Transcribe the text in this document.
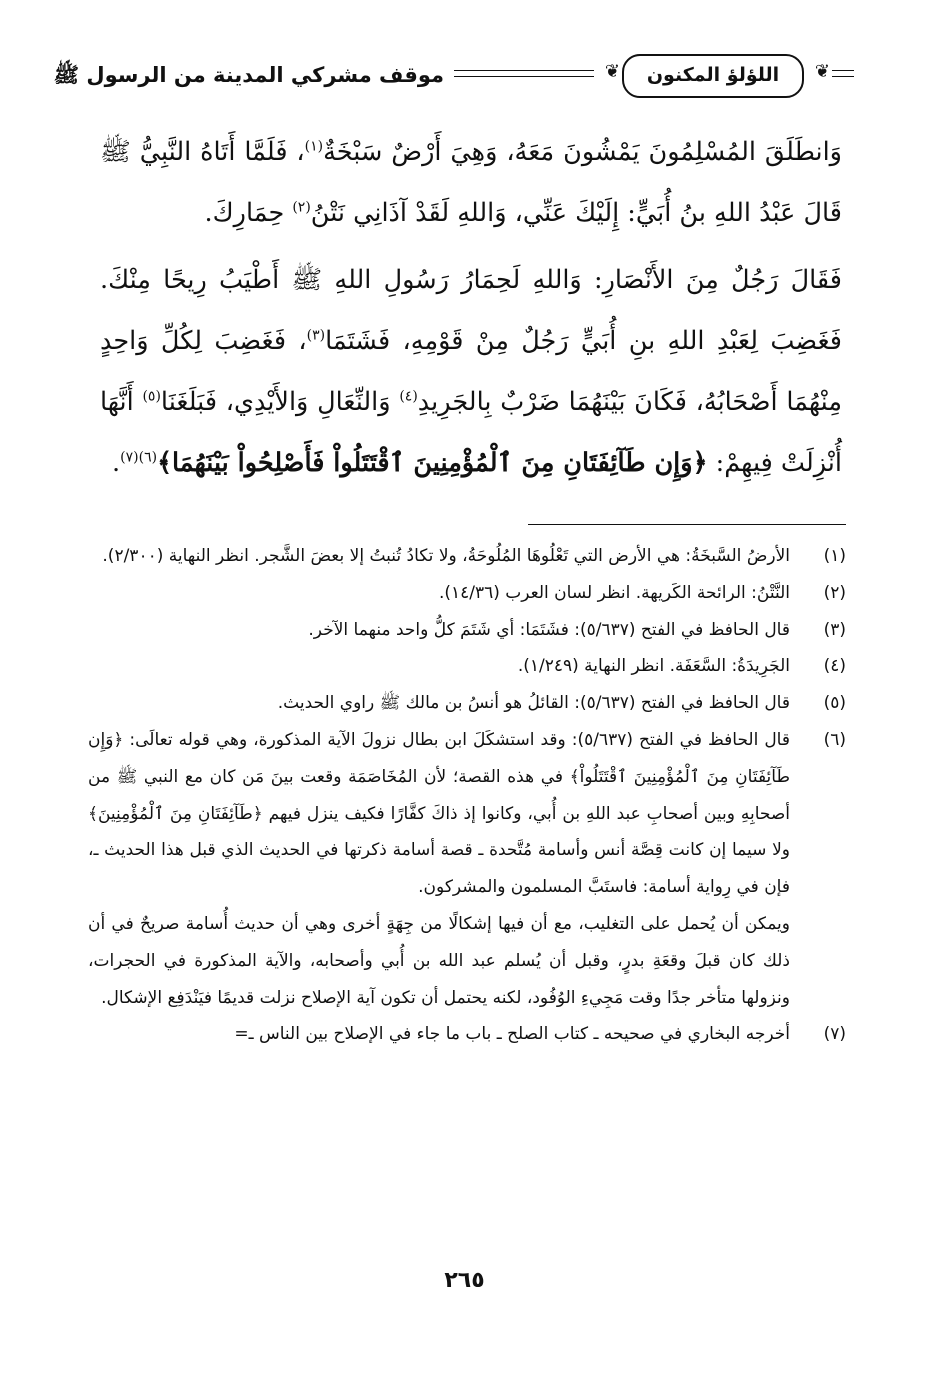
❦
اللؤلؤ المكنون
❦
موقف مشركي المدينة من الرسول ﷺ

وَانطَلَقَ المُسْلِمُونَ يَمْشُونَ مَعَهُ، وَهِيَ أَرْضٌ سَبْخَةٌ$^{(١)}$، فَلَمَّا أَتَاهُ النَّبِيُّ ﷺ قَالَ عَبْدُ اللهِ بنُ أُبَيٍّ: إِلَيْكَ عَنِّي، وَاللهِ لَقَدْ آذَانِي نَتْنُ$^{(٢)}$ حِمَارِكَ.

فَقَالَ رَجُلٌ مِنَ الأَنْصَارِ: وَاللهِ لَحِمَارُ رَسُولِ اللهِ ﷺ أَطْيَبُ رِيحًا مِنْكَ. فَغَضِبَ لِعَبْدِ اللهِ بنِ أُبَيٍّ رَجُلٌ مِنْ قَوْمِهِ، فَشَتَمَا$^{(٣)}$، فَغَضِبَ لِكُلِّ وَاحِدٍ مِنْهُمَا أَصْحَابُهُ، فَكَانَ بَيْنَهُمَا ضَرْبٌ بِالجَرِيدِ$^{(٤)}$ وَالنِّعَالِ وَالأَيْدِي، فَبَلَغَنَا$^{(٥)}$ أَنَّهَا أُنْزِلَتْ فِيهِمْ: ﴿وَإِن طَآئِفَتَانِ مِنَ ٱلْمُؤْمِنِينَ ٱقْتَتَلُواْ فَأَصْلِحُواْ بَيْنَهُمَا﴾$^{(٦)(٧)}$.

(١)
الأرضُ السَّبخَةُ: هي الأرض التي تَعْلُوهَا المُلُوحَةُ، ولا تكادُ تُنبتُ إلا بعضَ الشَّجر. انظر النهاية (٢/٣٠٠).
(٢)
النَّتْنُ: الرائحة الكَريهة. انظر لسان العرب (١٤/٣٦).
(٣)
قال الحافظ في الفتح (٥/٦٣٧): فشَتَمَا: أي شَتَمَ كلُّ واحد منهما الآخر.
(٤)
الجَرِيدَةُ: السَّعَفَة. انظر النهاية (١/٢٤٩).
(٥)
قال الحافظ في الفتح (٥/٦٣٧): القائلُ هو أنسُ بن مالك ﷺ راوي الحديث.
(٦)
قال الحافظ في الفتح (٥/٦٣٧): وقد استشكَلَ ابن بطال نزولَ الآية المذكورة، وهي قوله تعالَى: ﴿وَإِن طَآئِفَتَانِ مِنَ ٱلْمُؤْمِنِينَ ٱقْتَتَلُواْ﴾ في هذه القصة؛ لأن المُخَاصَمَة وقعت بينَ مَن كان مع النبي ﷺ من أصحابِهِ وبين أصحابِ عبد اللهِ بن أُبي، وكانوا إذ ذاكَ كفَّارًا فكيف ينزل فيهم ﴿طَآئِفَتَانِ مِنَ ٱلْمُؤْمِنِينَ﴾ ولا سيما إن كانت قِصَّة أنس وأسامة مُتَّحدة ـ قصة أسامة ذكرتها في الحديث الذي قبل هذا الحديث ـ، فإن في رِواية أسامة: فاستَبَّ المسلمون والمشركون.
ويمكن أن يُحمل على التغليب، مع أن فيها إشكالًا من جِهَةٍ أخرى وهي أن حديث أُسامة صريحٌ في أن ذلك كان قبلَ وقعَةِ بدرٍ، وقبل أن يُسلم عبد الله بن أُبي وأصحابه، والآية المذكورة في الحجرات، ونزولها متأخر جدًا وقت مَجِيءِ الوُفُود، لكنه يحتمل أن تكون آية الإصلاح نزلت قديمًا فيَنْدَفِع الإشكال.
(٧)
أخرجه البخاري في صحيحه ـ كتاب الصلح ـ باب ما جاء في الإصلاح بين الناس ـ=
٢٦٥
